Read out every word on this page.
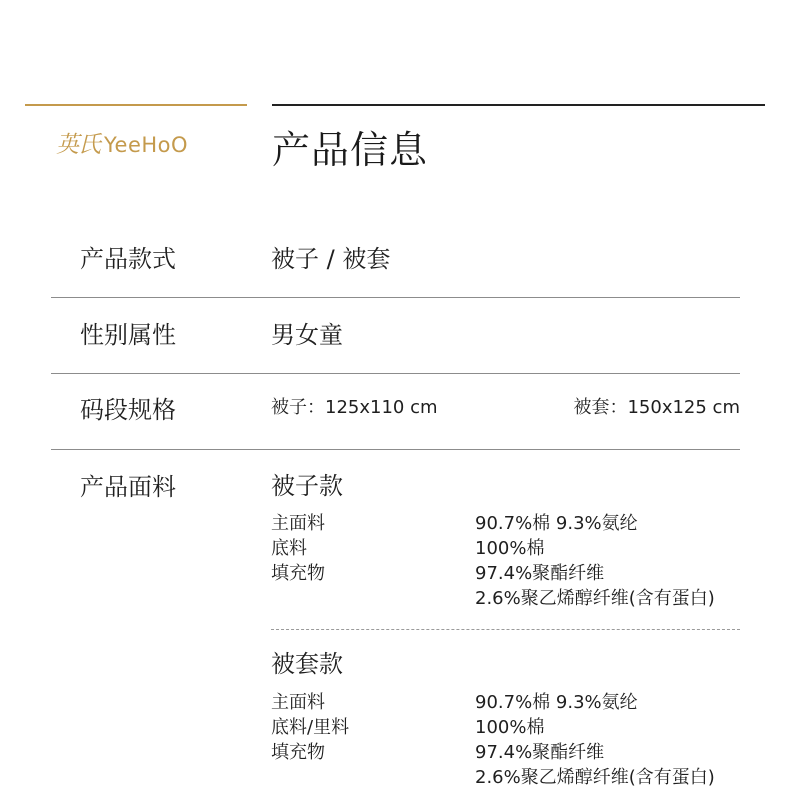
英氏 YeeHoO 产品信息
产品款式	被子 / 被套
性别属性	男女童
码段规格	被子：125x110 cm	被套：150x125 cm
产品面料	被子款
主面料	90.7%棉 9.3%氨纶
底料	100%棉
填充物	97.4%聚酯纤维
2.6%聚乙烯醇纤维(含有蛋白)
被套款
主面料	90.7%棉 9.3%氨纶
底料/里料	100%棉
填充物	97.4%聚酯纤维
2.6%聚乙烯醇纤维(含有蛋白)
